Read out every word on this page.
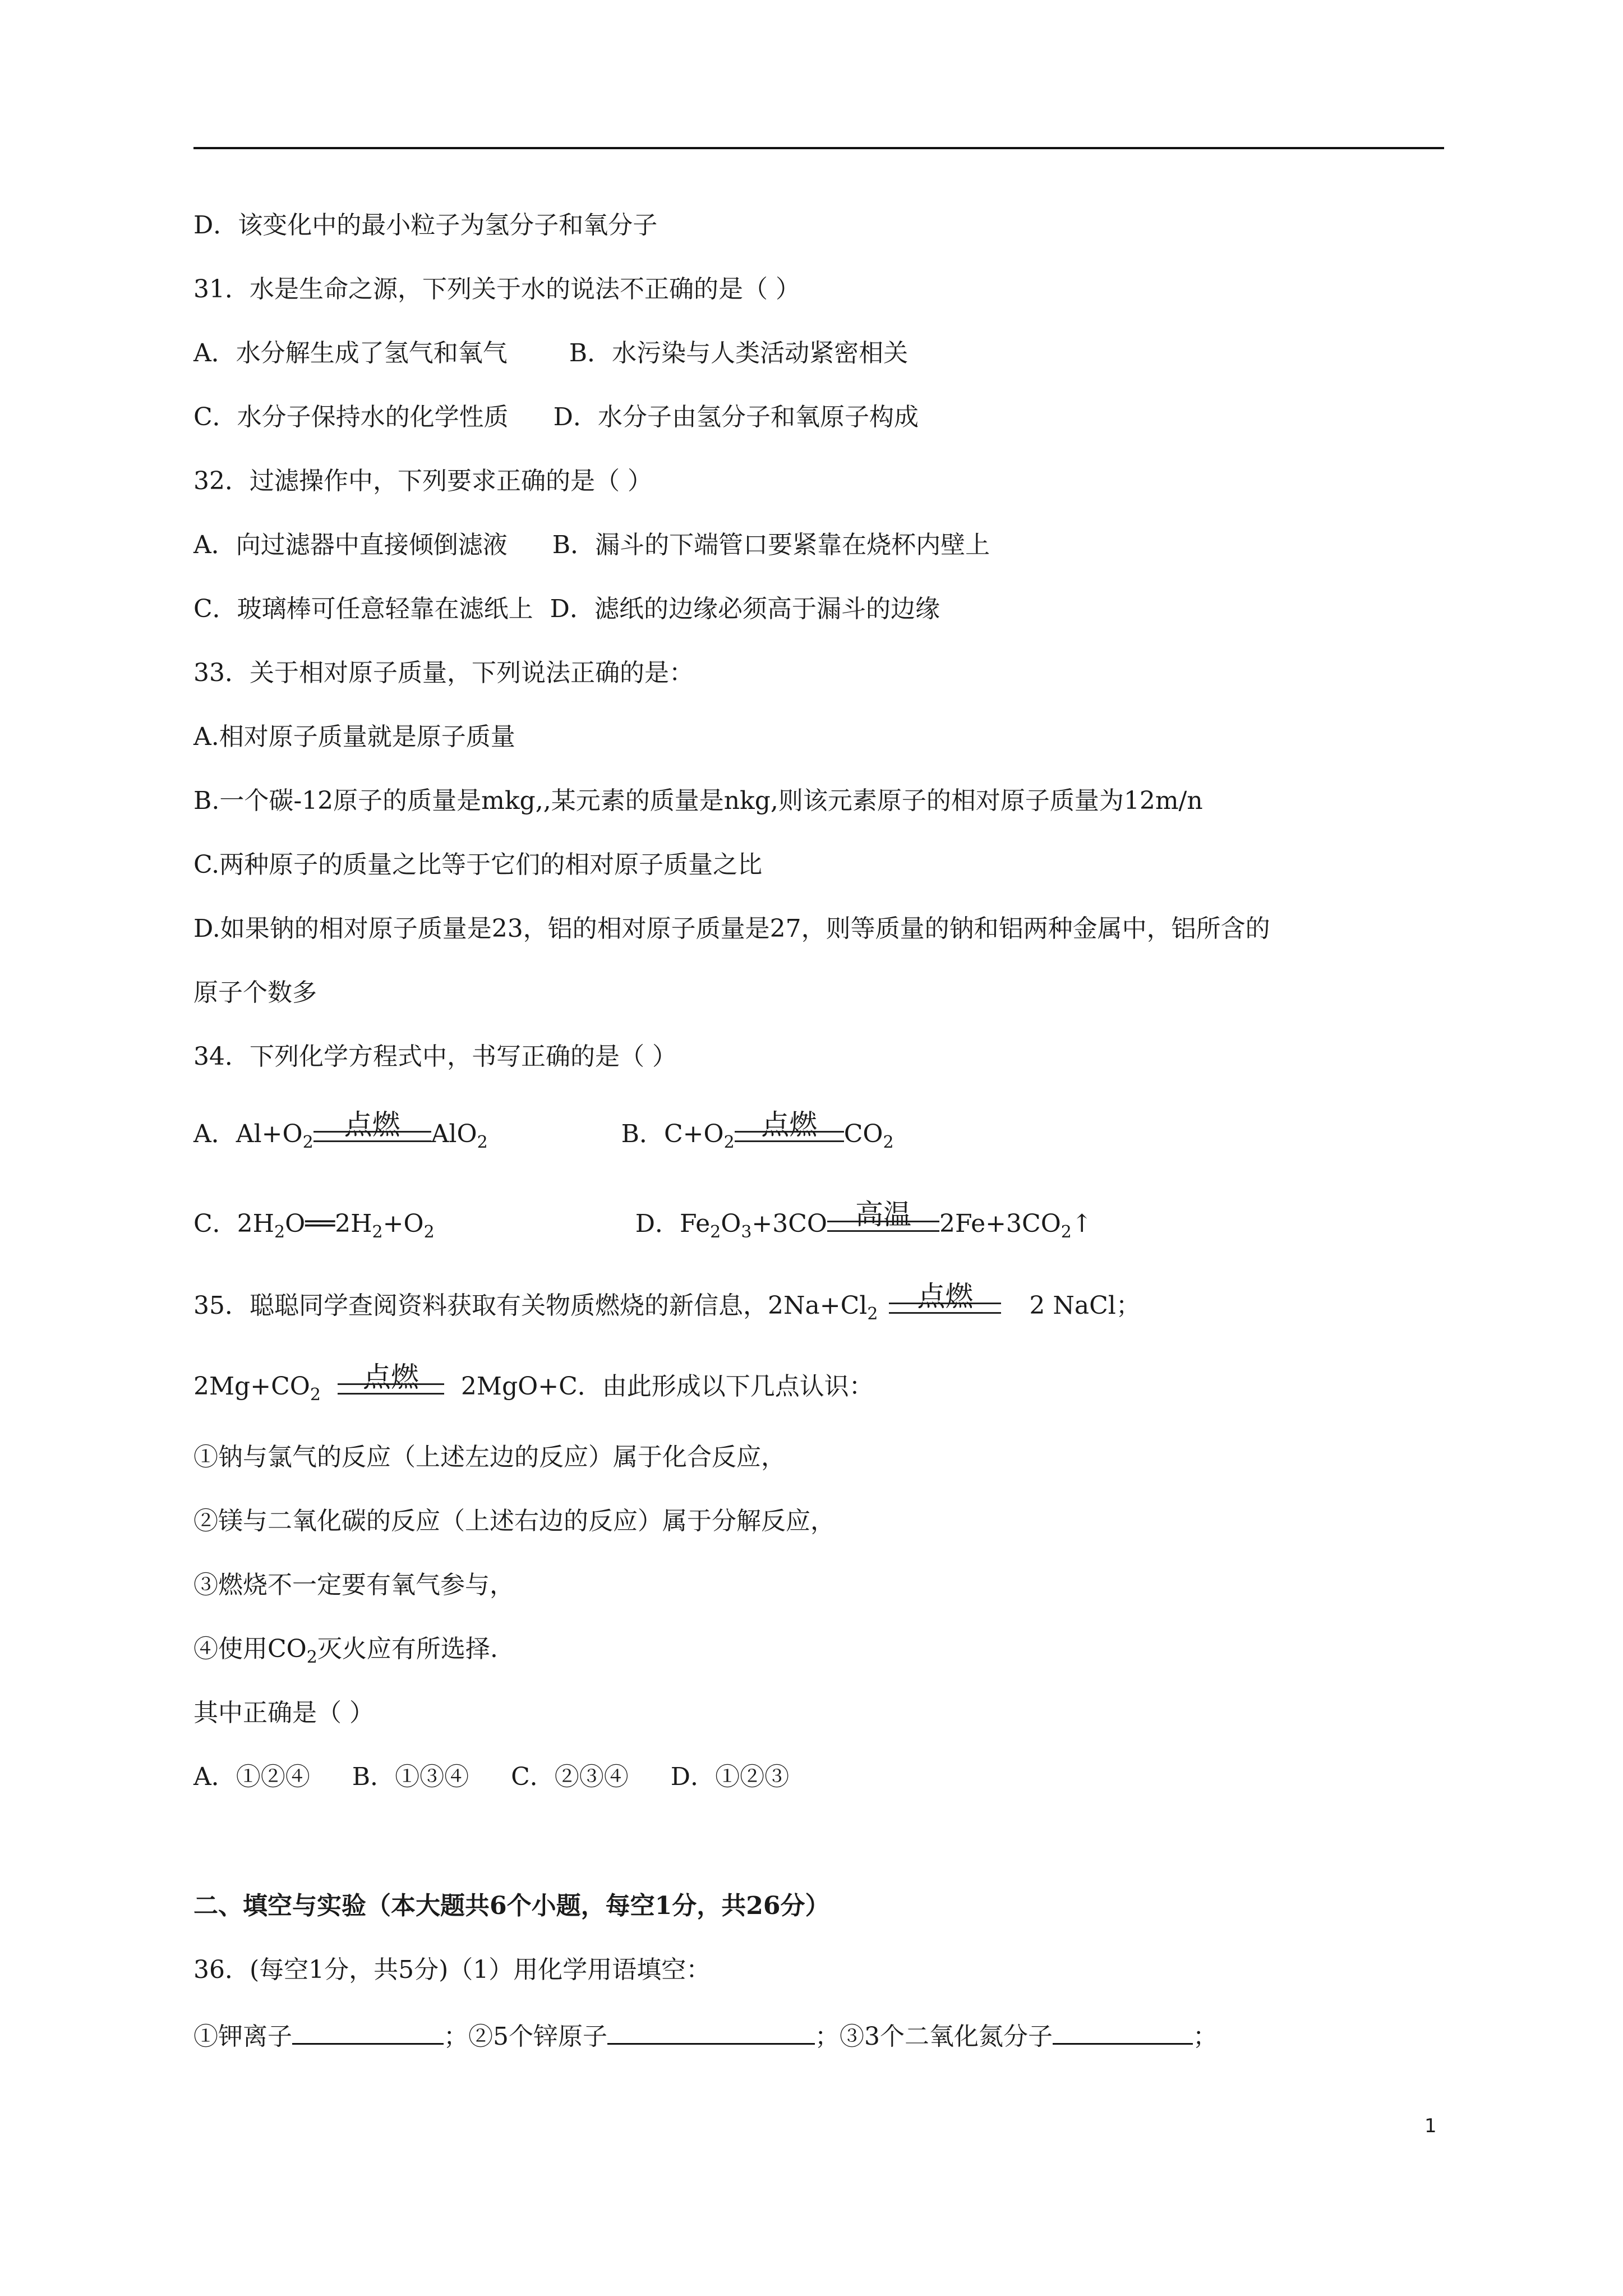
D．该变化中的最小粒子为氢分子和氧分子
31．水是生命之源，下列关于水的说法不正确的是（ ）
A．水分解生成了氢气和氧气	B．水污染与人类活动紧密相关
C．水分子保持水的化学性质 D．水分子由氢分子和氧原子构成
32．过滤操作中，下列要求正确的是（ ）
A．向过滤器中直接倾倒滤液 B．漏斗的下端管口要紧靠在烧杯内壁上
C．玻璃棒可任意轻靠在滤纸上 D．滤纸的边缘必须高于漏斗的边缘
33．关于相对原子质量，下列说法正确的是：
A.相对原子质量就是原子质量
B.一个碳-12原子的质量是mkg,,某元素的质量是nkg,则该元素原子的相对原子质量为12m/n
C.两种原子的质量之比等于它们的相对原子质量之比
D.如果钠的相对原子质量是23，铝的相对原子质量是27，则等质量的钠和铝两种金属中，铝所含的
原子个数多
34．下列化学方程式中，书写正确的是（ ）
A．$Al+O_2$
点燃	AlO$_2$	B．$C+O_2$
点燃	$CO_2$
C．$2H_2O══2H_2+O_2$	D．$Fe_2O_3+3CO$	高温	$2Fe+3CO_2↑$
35．聪聪同学查阅资料获取有关物质燃烧的新信息，$2Na+Cl_2$
点燃	2 NaCl；
$2Mg+CO_2$
点燃	2MgO+C．由此形成以下几点认识：
①钠与氯气的反应（上述左边的反应）属于化合反应，
②镁与二氧化碳的反应（上述右边的反应）属于分解反应，
③燃烧不一定要有氧气参与，
④使用$CO_2$灭火应有所选择.
其中正确是（ ）
A．①②④ B．①③④ C．②③④ D．①②③
二、填空与实验（本大题共6个小题，每空1分，共26分）
36．(每空1分，共5分)（1）用化学用语填空：
①钾离子	；②5个锌原子	；③3个二氧化氮分子	；
1
